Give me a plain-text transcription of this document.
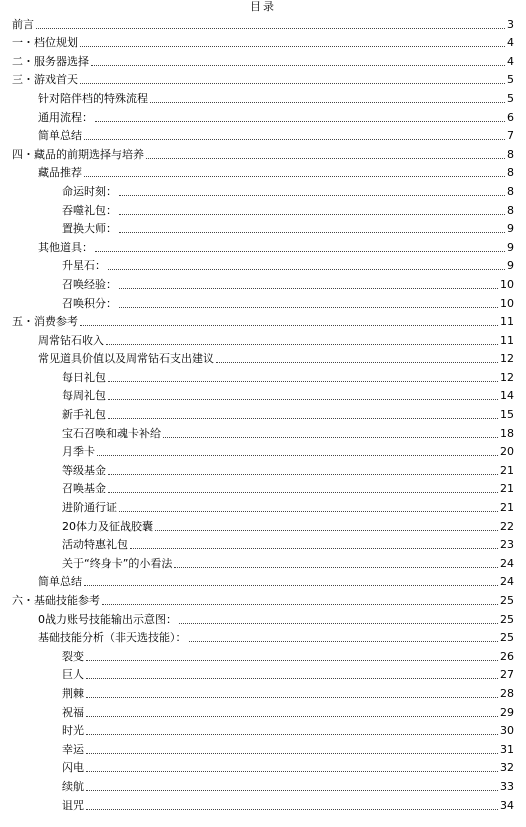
目录
前言	3
一・档位规划	4
二・服务器选择	4
三・游戏首天	5
针对陪伴档的特殊流程	5
通用流程：	6
简单总结	7
四・藏品的前期选择与培养	8
藏品推荐	8
命运时刻：	8
吞噬礼包：	8
置换大师：	9
其他道具：	9
升星石：	9
召唤经验：	10
召唤积分：	10
五・消费参考	11
周常钻石收入	11
常见道具价值以及周常钻石支出建议	12
每日礼包	12
每周礼包	14
新手礼包	15
宝石召唤和魂卡补给	18
月季卡	20
等级基金	21
召唤基金	21
进阶通行证	21
20体力及征战胶囊	22
活动特惠礼包	23
关于“终身卡”的小看法	24
简单总结	24
六・基础技能参考	25
0战力账号技能输出示意图：	25
基础技能分析（非天选技能）：	25
裂变	26
巨人	27
荆棘	28
祝福	29
时光	30
幸运	31
闪电	32
续航	33
诅咒	34
